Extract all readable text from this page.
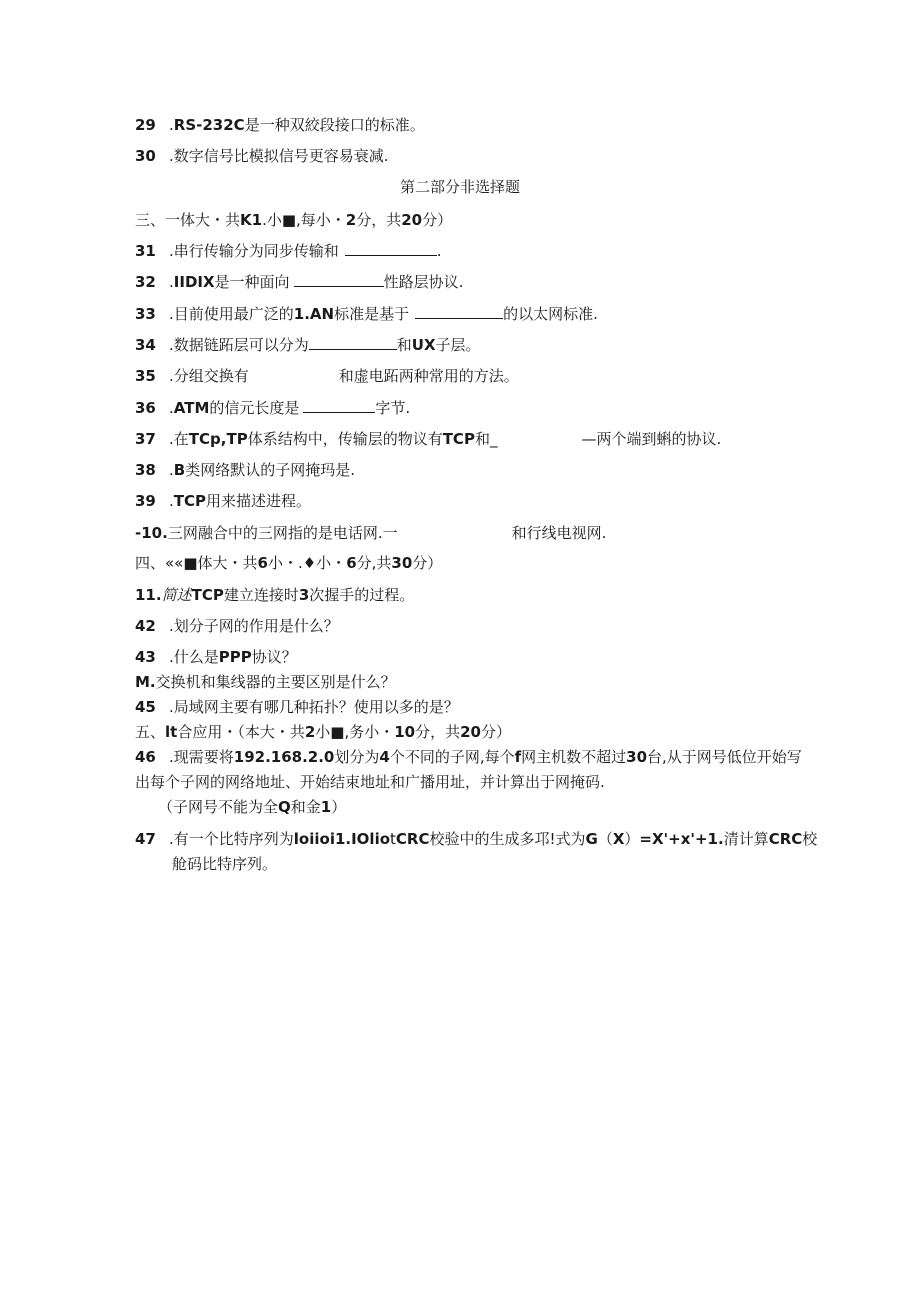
29 .RS-232C是一种双絞段接口的标准。
30 .数字信号比模拟信号更容易衰减.
第二部分非选择题
三、一体大・共K1.小■,每小・2分，共20分）
31 .串行传输分为同步传输和	.
32 .IIDIX是一种面向	性路层协议.
33 .目前使用最广泛的1.AN标准是基于	的以太网标准.
34 .数据链跖层可以分为	和UX子层。
35 .分组交换有	和虚电跖两种常用的方法。
36 .ATM的信元长度是	字节.
37 .在TCp,TP体系结构中，传输层的物议有TCP和_	—两个端到蝌的协议.
38 .B类网络默认的子网掩玛是.
39 .TCP用来描述进程。
-10.三网融合中的三网指的是电话网.一	和行线电视网.
四、««■体大・共6小・.♦小・6分,共30分）
11.简述TCP建立连接时3次握手的过程。
42 .划分子网的作用是什么？
43 .什么是PPP协议？
M.交换机和集线器的主要区别是什么？
45 .局域网主要有哪几种拓扑？使用以多的是？
五、lt合应用・（本大・共2小■,务小・10分，共20分）
46 .现需要将192.168.2.0划分为4个不同的子网,每个f网主机数不超过30台,从于网号低位开始写
出每个子网的网络地址、开始结束地址和广播用址，并计算出于网掩码.
（子网号不能为全Q和金1）
47 .有一个比特序列为loiioi1.IOliotCRC校验中的生成多邛!式为G（X）=X'+x'+1.清计算CRC校
舱码比特序列。
